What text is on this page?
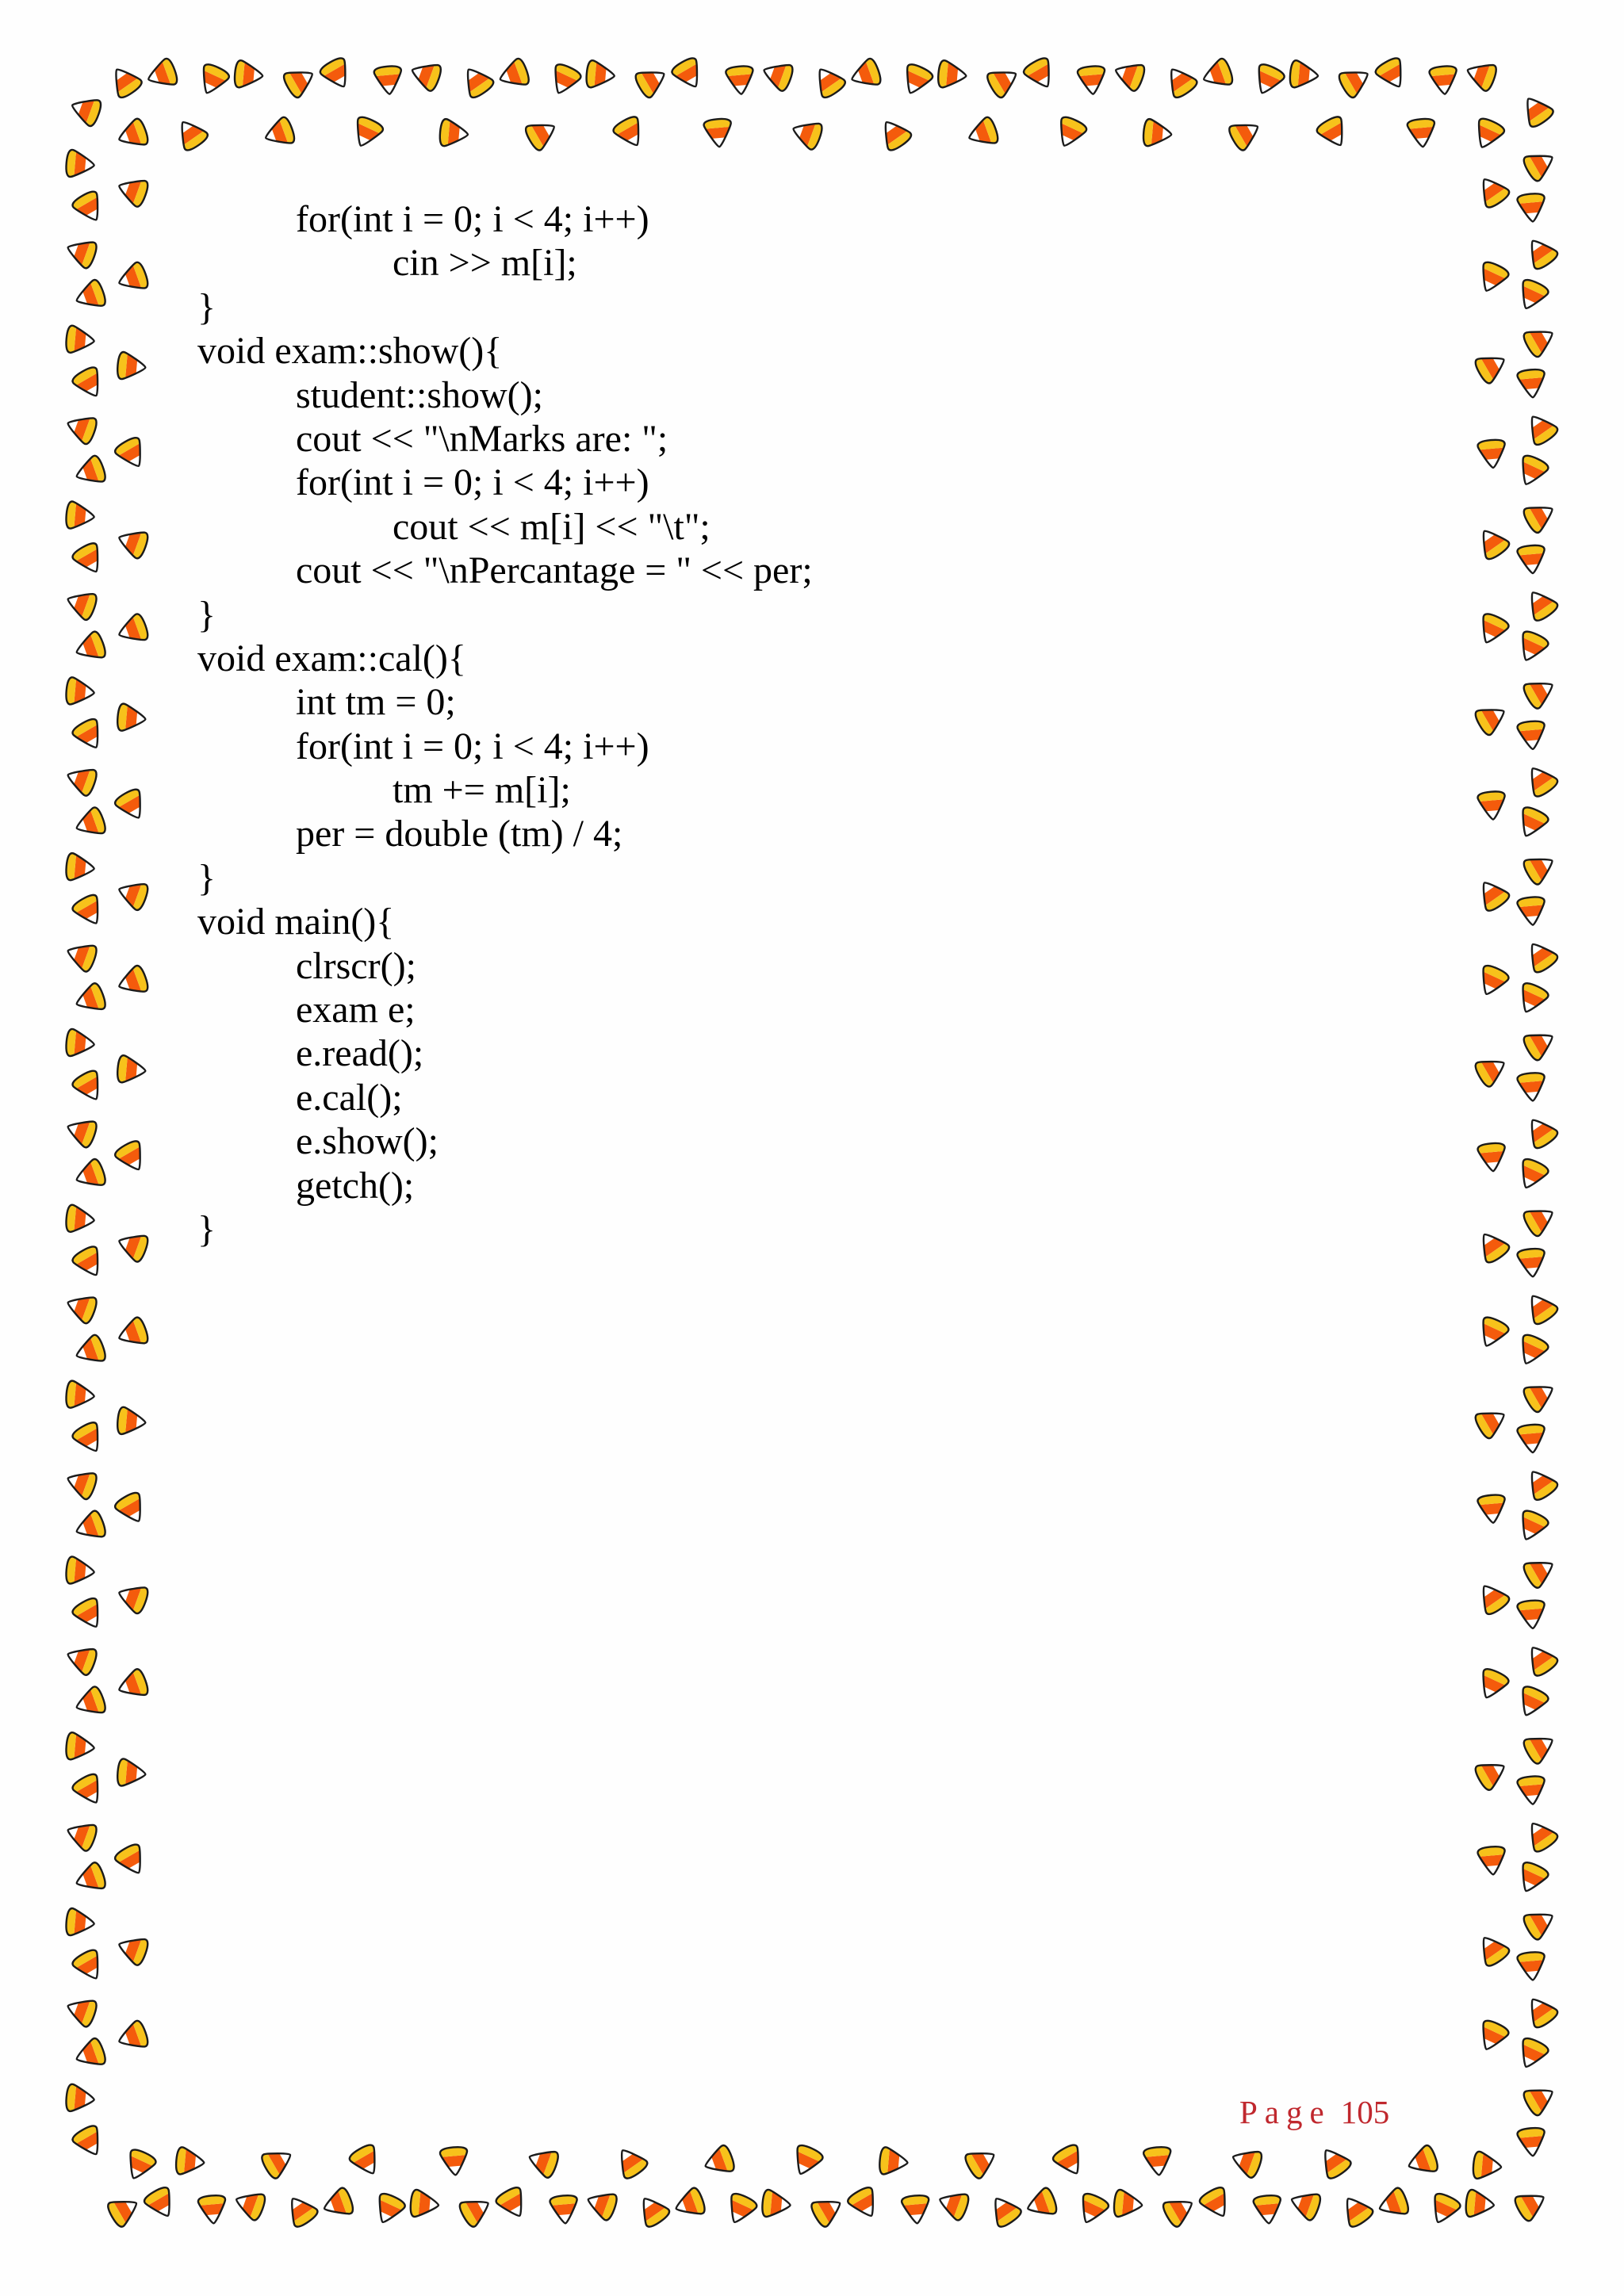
for(int i = 0; i < 4; i++)
cin >> m[i];
}
void exam::show(){
student::show();
cout << "\nMarks are: ";
for(int i = 0; i < 4; i++)
cout << m[i] << "\t";
cout << "\nPercantage = " << per;
}
void exam::cal(){
int tm = 0;
for(int i = 0; i < 4; i++)
tm += m[i];
per = double (tm) / 4;
}
void main(){
clrscr();
exam e;
e.read();
e.cal();
e.show();
getch();
}
Page 105
